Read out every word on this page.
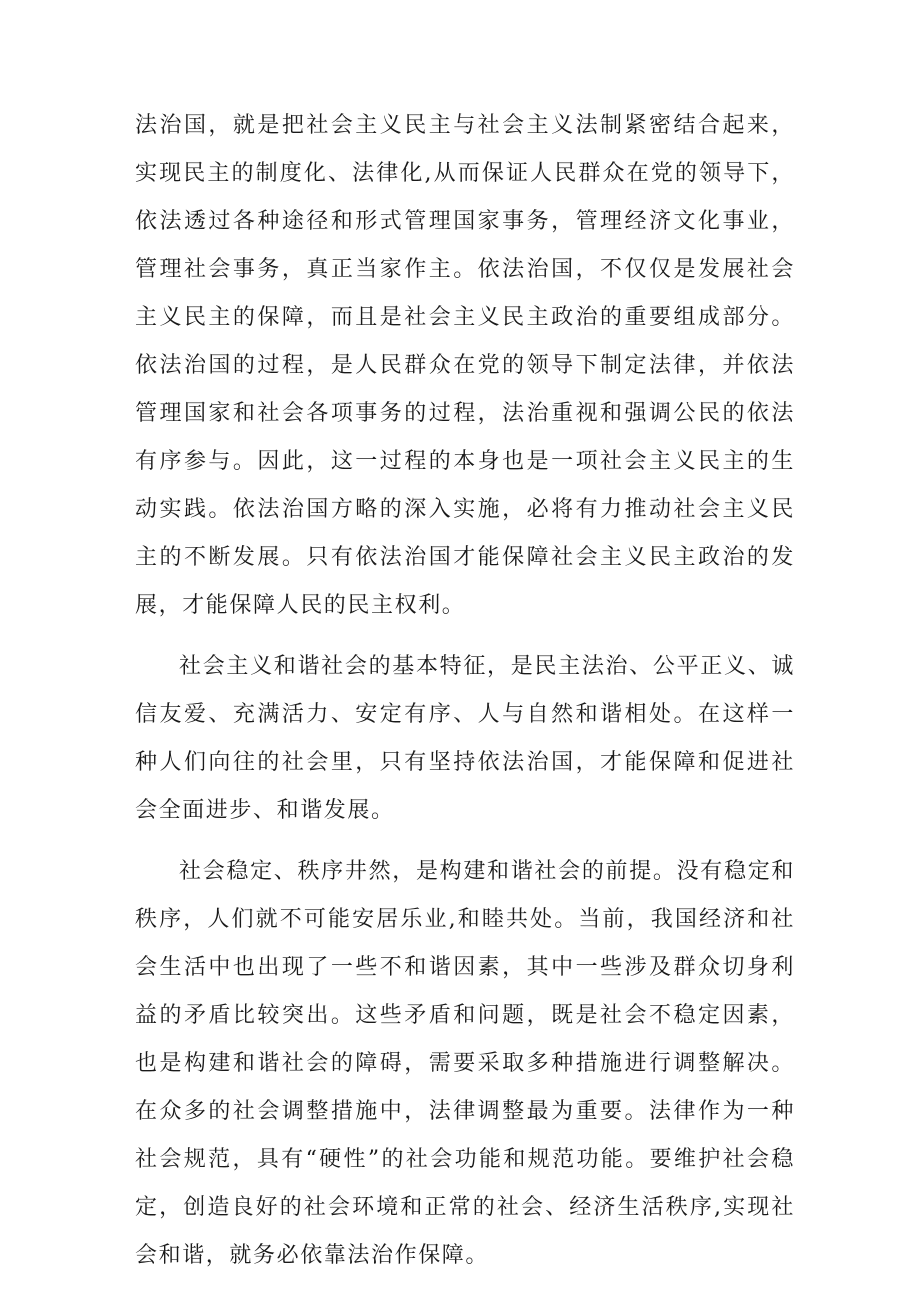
法治国，就是把社会主义民主与社会主义法制紧密结合起来，实现民主的制度化、法律化,从而保证人民群众在党的领导下，依法透过各种途径和形式管理国家事务，管理经济文化事业，管理社会事务，真正当家作主。依法治国，不仅仅是发展社会主义民主的保障，而且是社会主义民主政治的重要组成部分。依法治国的过程，是人民群众在党的领导下制定法律，并依法管理国家和社会各项事务的过程，法治重视和强调公民的依法有序参与。因此，这一过程的本身也是一项社会主义民主的生动实践。依法治国方略的深入实施，必将有力推动社会主义民主的不断发展。只有依法治国才能保障社会主义民主政治的发展，才能保障人民的民主权利。

社会主义和谐社会的基本特征，是民主法治、公平正义、诚信友爱、充满活力、安定有序、人与自然和谐相处。在这样一种人们向往的社会里，只有坚持依法治国，才能保障和促进社会全面进步、和谐发展。

社会稳定、秩序井然，是构建和谐社会的前提。没有稳定和秩序，人们就不可能安居乐业,和睦共处。当前，我国经济和社会生活中也出现了一些不和谐因素，其中一些涉及群众切身利益的矛盾比较突出。这些矛盾和问题，既是社会不稳定因素，也是构建和谐社会的障碍，需要采取多种措施进行调整解决。在众多的社会调整措施中，法律调整最为重要。法律作为一种社会规范，具有“硬性”的社会功能和规范功能。要维护社会稳定，创造良好的社会环境和正常的社会、经济生活秩序,实现社会和谐，就务必依靠法治作保障。
